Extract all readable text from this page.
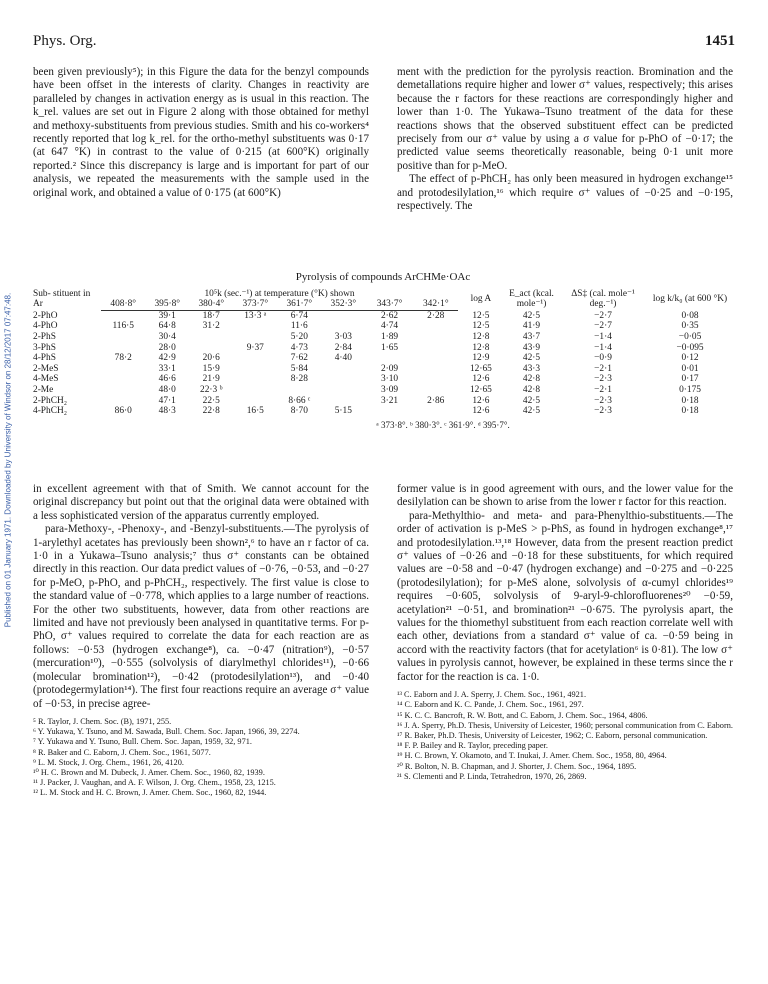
Published on 01 January 1971. Downloaded by University of Windsor on 28/12/2017 07:47:48.
Phys. Org.	1451

been given previously⁵); in this Figure the data for the benzyl compounds have been offset in the interests of clarity. Changes in reactivity are paralleled by changes in activation energy as is usual in this reaction. The k_rel. values are set out in Figure 2 along with those obtained for methyl and methoxy-substituents from previous studies. Smith and his co-workers⁴ recently reported that log k_rel. for the ortho-methyl substituents was 0·17 (at 647 °K) in contrast to the value of 0·215 (at 600°K) originally reported.² Since this discrepancy is large and is important for part of our analysis, we repeated the measurements with the sample used in the original work, and obtained a value of 0·175 (at 600°K)

ment with the prediction for the pyrolysis reaction. Bromination and the demetallations require higher and lower σ⁺ values, respectively; this arises because the r factors for these reactions are correspondingly higher and lower than 1·0. The Yukawa–Tsuno treatment of the data for these reactions shows that the observed substituent effect can be predicted precisely from our σ⁺ value by using a σ value for p-PhO of −0·17; the predicted value seems theoretically reasonable, being 0·1 unit more positive than for p-MeO.

The effect of p-PhCH₂ has only been measured in hydrogen exchange¹⁵ and protodesilylation,¹⁶ which require σ⁺ values of −0·25 and −0·195, respectively. The

Pyrolysis of compounds ArCHMe·OAc
Sub- stituent in Ar	10⁵k (sec.⁻¹) at temperature (°K) shown								log A	E_act (kcal. mole⁻¹)	ΔS‡ (cal. mole⁻¹ deg.⁻¹)	log k/k₀ (at 600 °K)
	408·8°	395·8°	380·4°	373·7°	361·7°	352·3°	343·7°	342·1°				
2-PhO		39·1	18·7	13·3 ᵃ	6·74		2·62	2·28	12·5	42·5	−2·7	0·08
4-PhO	116·5	64·8	31·2		11·6		4·74		12·5	41·9	−2·7	0·35
2-PhS		30·4			5·20	3·03	1·89		12·8	43·7	−1·4	−0·05
3-PhS		28·0		9·37	4·73	2·84	1·65		12·8	43·9	−1·4	−0·095
4-PhS	78·2	42·9	20·6		7·62	4·40			12·9	42·5	−0·9	0·12
2-MeS		33·1	15·9		5·84		2·09		12·65	43·3	−2·1	0·01
4-MeS		46·6	21·9		8·28		3·10		12·6	42·8	−2·3	0·17
2-Me		48·0	22·3 ᵇ				3·09		12·65	42·8	−2·1	0·175
2-PhCH₂		47·1	22·5		8·66 ᶜ		3·21	2·86	12·6	42·5	−2·3	0·18
4-PhCH₂	86·0	48·3	22·8	16·5	8·70	5·15			12·6	42·5	−2·3	0·18
ᵃ 373·8°. ᵇ 380·3°. ᶜ 361·9°. ᵈ 395·7°.

in excellent agreement with that of Smith. We cannot account for the original discrepancy but point out that the original data were obtained with a less sophisticated version of the apparatus currently employed.

para-Methoxy-, -Phenoxy-, and -Benzyl-substituents.—The pyrolysis of 1-arylethyl acetates has previously been shown²,⁶ to have an r factor of ca. 1·0 in a Yukawa–Tsuno analysis;⁷ thus σ⁺ constants can be obtained directly in this reaction. Our data predict values of −0·76, −0·53, and −0·27 for p-MeO, p-PhO, and p-PhCH₂, respectively. The first value is close to the standard value of −0·778, which applies to a large number of reactions. For the other two substituents, however, data from other reactions are limited and have not previously been analysed in quantitative terms. For p-PhO, σ⁺ values required to correlate the data for each reaction are as follows: −0·53 (hydrogen exchange⁸), ca. −0·47 (nitration⁹), −0·57 (mercuration¹⁰), −0·555 (solvolysis of diarylmethyl chlorides¹¹), −0·66 (molecular bromination¹²), −0·42 (protodesilylation¹³), and −0·40 (protodegermylation¹⁴). The first four reactions require an average σ⁺ value of −0·53, in precise agree-

⁵ R. Taylor, J. Chem. Soc. (B), 1971, 255.

⁶ Y. Yukawa, Y. Tsuno, and M. Sawada, Bull. Chem. Soc. Japan, 1966, 39, 2274.

⁷ Y. Yukawa and Y. Tsuno, Bull. Chem. Soc. Japan, 1959, 32, 971.

⁸ R. Baker and C. Eaborn, J. Chem. Soc., 1961, 5077.

⁹ L. M. Stock, J. Org. Chem., 1961, 26, 4120.

¹⁰ H. C. Brown and M. Dubeck, J. Amer. Chem. Soc., 1960, 82, 1939.

¹¹ J. Packer, J. Vaughan, and A. F. Wilson, J. Org. Chem., 1958, 23, 1215.

¹² L. M. Stock and H. C. Brown, J. Amer. Chem. Soc., 1960, 82, 1944.

former value is in good agreement with ours, and the lower value for the desilylation can be shown to arise from the lower r factor for this reaction.

para-Methylthio- and meta- and para-Phenylthio-substituents.—The order of activation is p-MeS > p-PhS, as found in hydrogen exchange⁸,¹⁷ and protodesilylation.¹³,¹⁸ However, data from the present reaction predict σ⁺ values of −0·26 and −0·18 for these substituents, for which required values are −0·58 and −0·47 (hydrogen exchange) and −0·275 and −0·225 (protodesilylation); for p-MeS alone, solvolysis of α-cumyl chlorides¹⁹ requires −0·605, solvolysis of 9-aryl-9-chlorofluorenes²⁰ −0·59, acetylation²¹ −0·51, and bromination²¹ −0·675. The pyrolysis apart, the values for the thiomethyl substituent from each reaction correlate well with each other, deviations from a standard σ⁺ value of ca. −0·59 being in accord with the reactivity factors (that for acetylation⁶ is 0·81). The low σ⁺ values in pyrolysis cannot, however, be explained in these terms since the r factor for the reaction is ca. 1·0.

¹³ C. Eaborn and J. A. Sperry, J. Chem. Soc., 1961, 4921.

¹⁴ C. Eaborn and K. C. Pande, J. Chem. Soc., 1961, 297.

¹⁵ K. C. C. Bancroft, R. W. Bott, and C. Eaborn, J. Chem. Soc., 1964, 4806.

¹⁶ J. A. Sperry, Ph.D. Thesis, University of Leicester, 1960; personal communication from C. Eaborn.

¹⁷ R. Baker, Ph.D. Thesis, University of Leicester, 1962; C. Eaborn, personal communication.

¹⁸ F. P. Bailey and R. Taylor, preceding paper.

¹⁹ H. C. Brown, Y. Okamoto, and T. Inukai, J. Amer. Chem. Soc., 1958, 80, 4964.

²⁰ R. Bolton, N. B. Chapman, and J. Shorter, J. Chem. Soc., 1964, 1895.

²¹ S. Clementi and P. Linda, Tetrahedron, 1970, 26, 2869.
